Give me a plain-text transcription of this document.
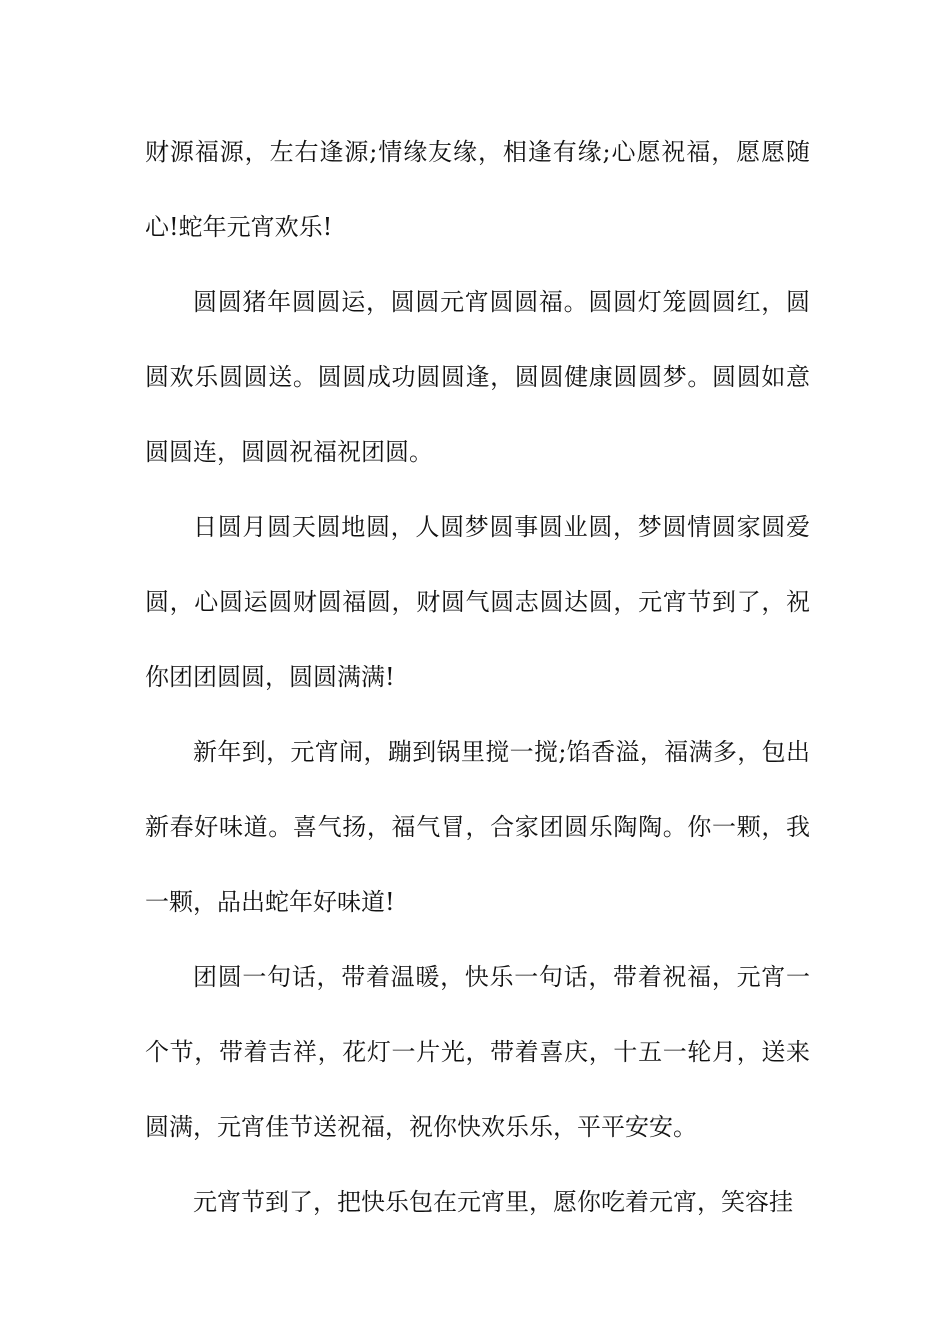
财源福源，左右逢源;情缘友缘，相逢有缘;心愿祝福，愿愿随心!蛇年元宵欢乐!

圆圆猪年圆圆运，圆圆元宵圆圆福。圆圆灯笼圆圆红，圆圆欢乐圆圆送。圆圆成功圆圆逢，圆圆健康圆圆梦。圆圆如意圆圆连，圆圆祝福祝团圆。

日圆月圆天圆地圆，人圆梦圆事圆业圆，梦圆情圆家圆爱圆，心圆运圆财圆福圆，财圆气圆志圆达圆，元宵节到了，祝你团团圆圆，圆圆满满!

新年到，元宵闹，蹦到锅里搅一搅;馅香溢，福满多，包出新春好味道。喜气扬，福气冒，合家团圆乐陶陶。你一颗，我一颗，品出蛇年好味道!

团圆一句话，带着温暖，快乐一句话，带着祝福，元宵一个节，带着吉祥，花灯一片光，带着喜庆，十五一轮月，送来圆满，元宵佳节送祝福，祝你快欢乐乐，平平安安。

元宵节到了，把快乐包在元宵里，愿你吃着元宵，笑容挂
